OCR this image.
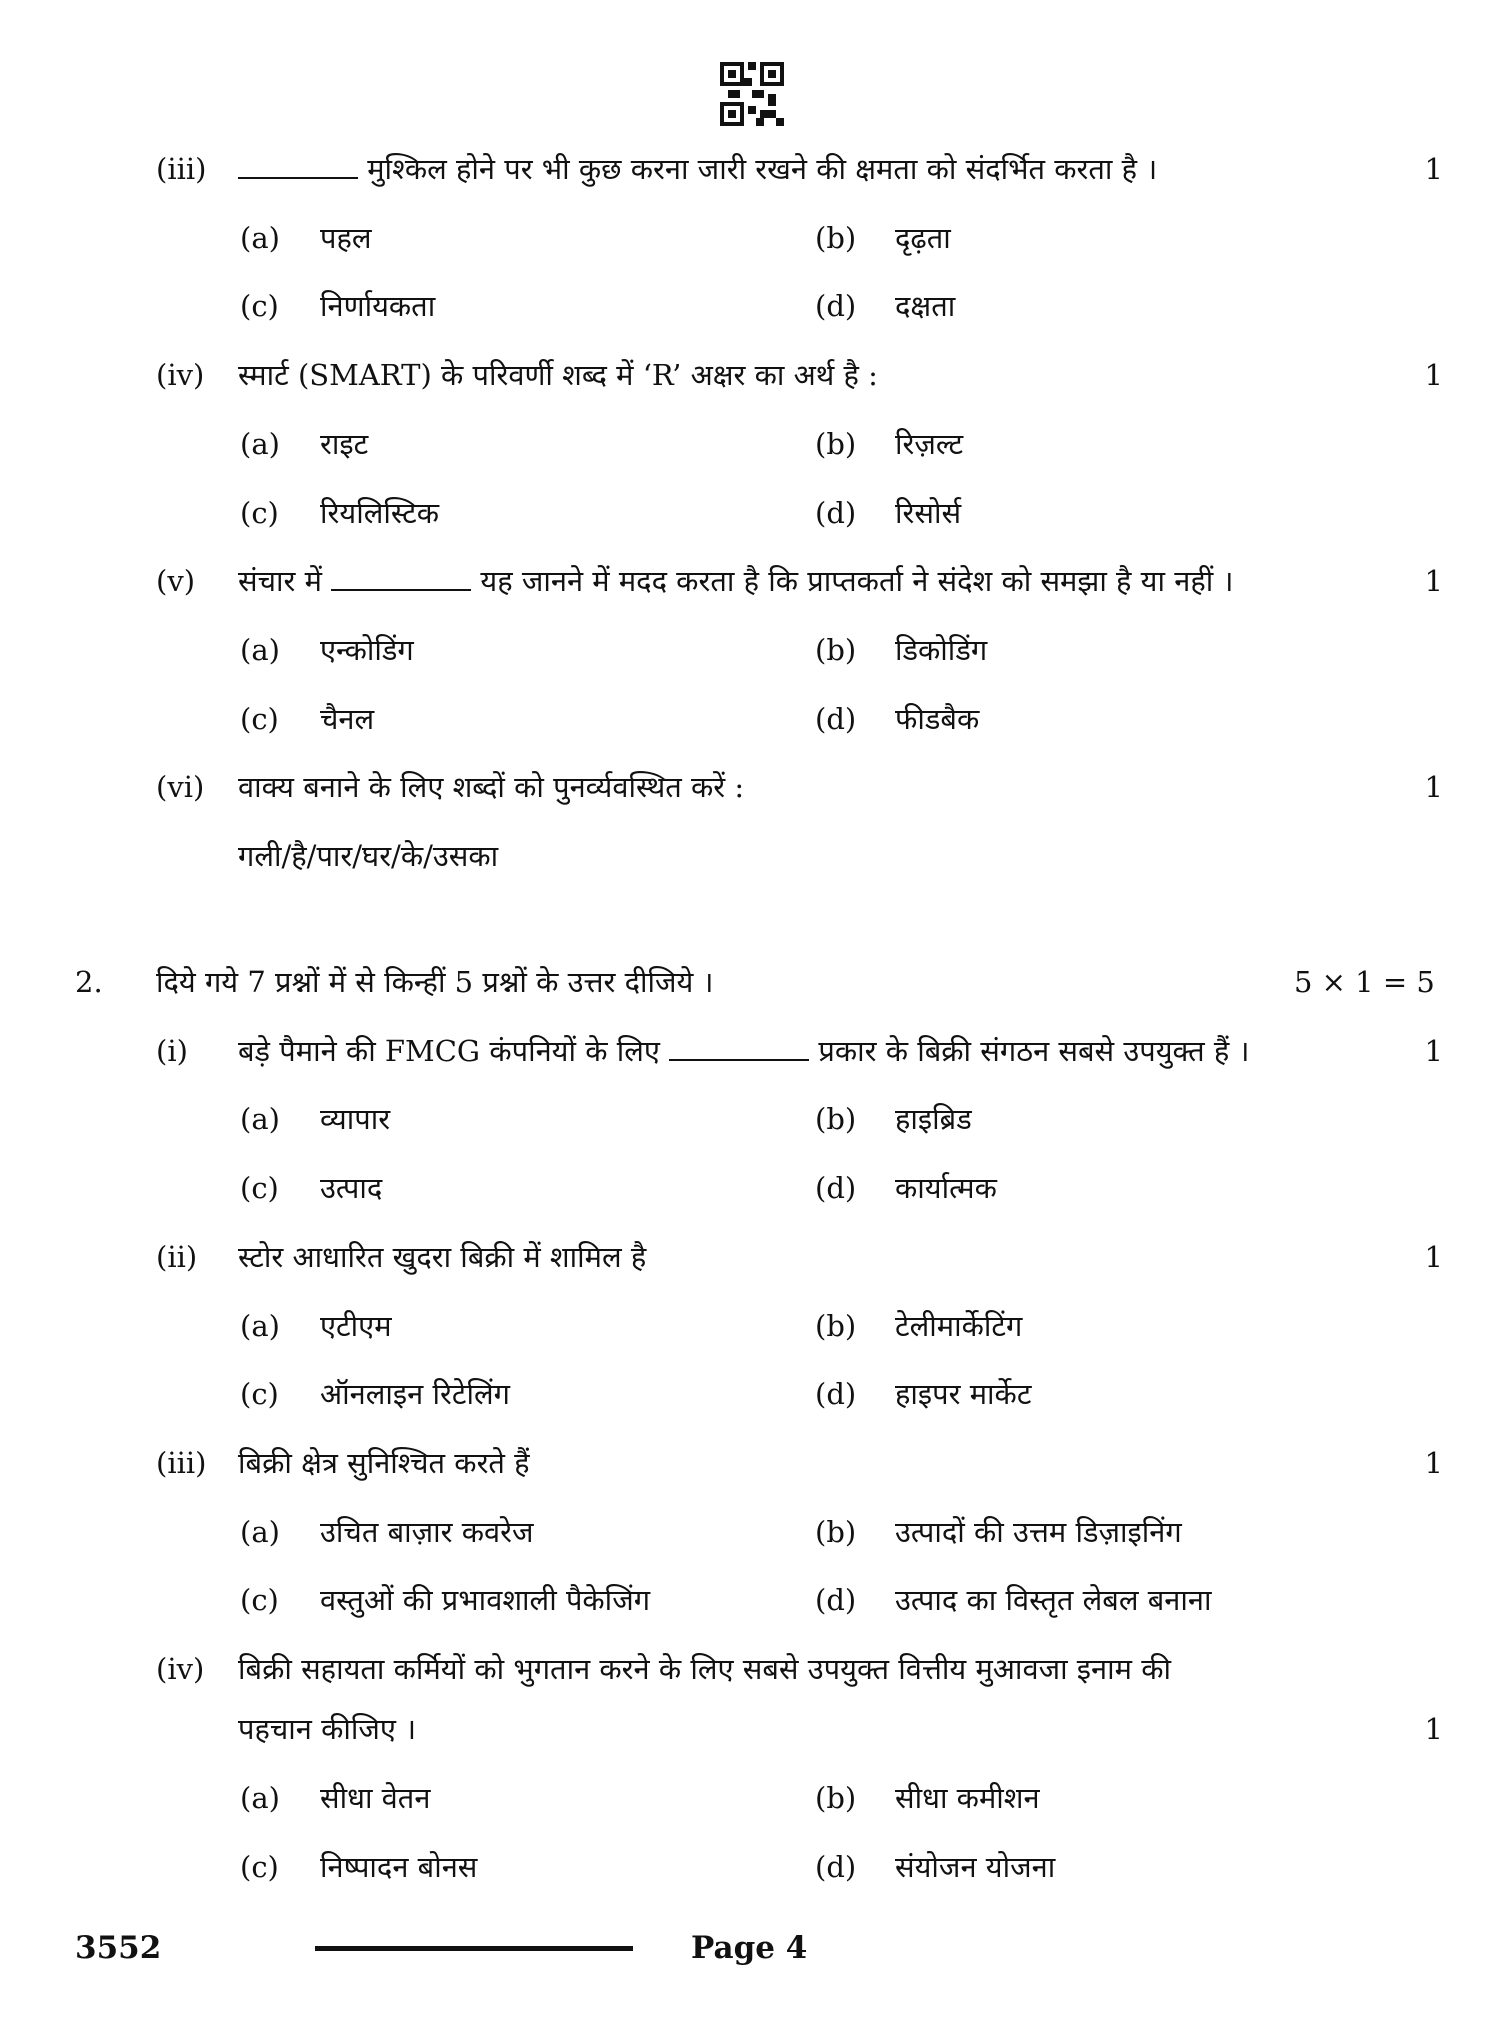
(iii)	मुश्किल होने पर भी कुछ करना जारी रखने की क्षमता को संदर्भित करता है ।	1
(a) पहल	(b) दृढ़ता
(c) निर्णायकता	(d) दक्षता
(iv) स्मार्ट (SMART) के परिवर्णी शब्द में ‘R’ अक्षर का अर्थ है :	1
(a) राइट	(b) रिज़ल्ट
(c) रियलिस्टिक	(d) रिसोर्स
(v) संचार में	यह जानने में मदद करता है कि प्राप्तकर्ता ने संदेश को समझा है या नहीं ।	1
(a) एन्कोडिंग	(b) डिकोडिंग
(c) चैनल	(d) फीडबैक
(vi) वाक्य बनाने के लिए शब्दों को पुनर्व्यवस्थित करें :	1
गली/है/पार/घर/के/उसका
2. दिये गये 7 प्रश्नों में से किन्हीं 5 प्रश्नों के उत्तर दीजिये ।	5 × 1 = 5
(i) बड़े पैमाने की FMCG कंपनियों के लिए	प्रकार के बिक्री संगठन सबसे उपयुक्त हैं ।	1
(a) व्यापार	(b) हाइब्रिड
(c) उत्पाद	(d) कार्यात्मक
(ii) स्टोर आधारित खुदरा बिक्री में शामिल है	1
(a) एटीएम	(b) टेलीमार्केटिंग
(c) ऑनलाइन रिटेलिंग	(d) हाइपर मार्केट
(iii) बिक्री क्षेत्र सुनिश्चित करते हैं	1
(a) उचित बाज़ार कवरेज	(b) उत्पादों की उत्तम डिज़ाइनिंग
(c) वस्तुओं की प्रभावशाली पैकेजिंग	(d) उत्पाद का विस्तृत लेबल बनाना
(iv) बिक्री सहायता कर्मियों को भुगतान करने के लिए सबसे उपयुक्त वित्तीय मुआवजा इनाम की
पहचान कीजिए ।	1
(a) सीधा वेतन	(b) सीधा कमीशन
(c) निष्पादन बोनस	(d) संयोजन योजना
3552	Page 4
